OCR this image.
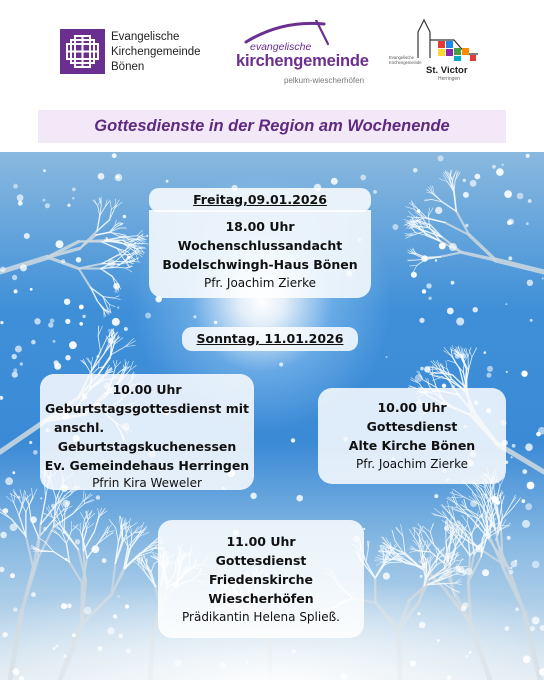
Evangelische
Kirchengemeinde
Bönen
evangelische
kirchengemeinde
pelkum-wiescherhöfen
Evangelische
Kirchengemeinde
St. Victor
Herringen
Gottesdienste in der Region am Wochenende
Freitag,09.01.2026
18.00 Uhr
Wochenschlussandacht
Bodelschwingh-Haus Bönen
Pfr. Joachim Zierke
Sonntag, 11.01.2026
10.00 Uhr
Geburtstagsgottesdienst mit
anschl.
Geburtstagskuchenessen
Ev. Gemeindehaus Herringen
Pfrin Kira Weweler
10.00 Uhr
Gottesdienst
Alte Kirche Bönen
Pfr. Joachim Zierke
11.00 Uhr
Gottesdienst
Friedenskirche
Wiescherhöfen
Prädikantin Helena Spließ.
